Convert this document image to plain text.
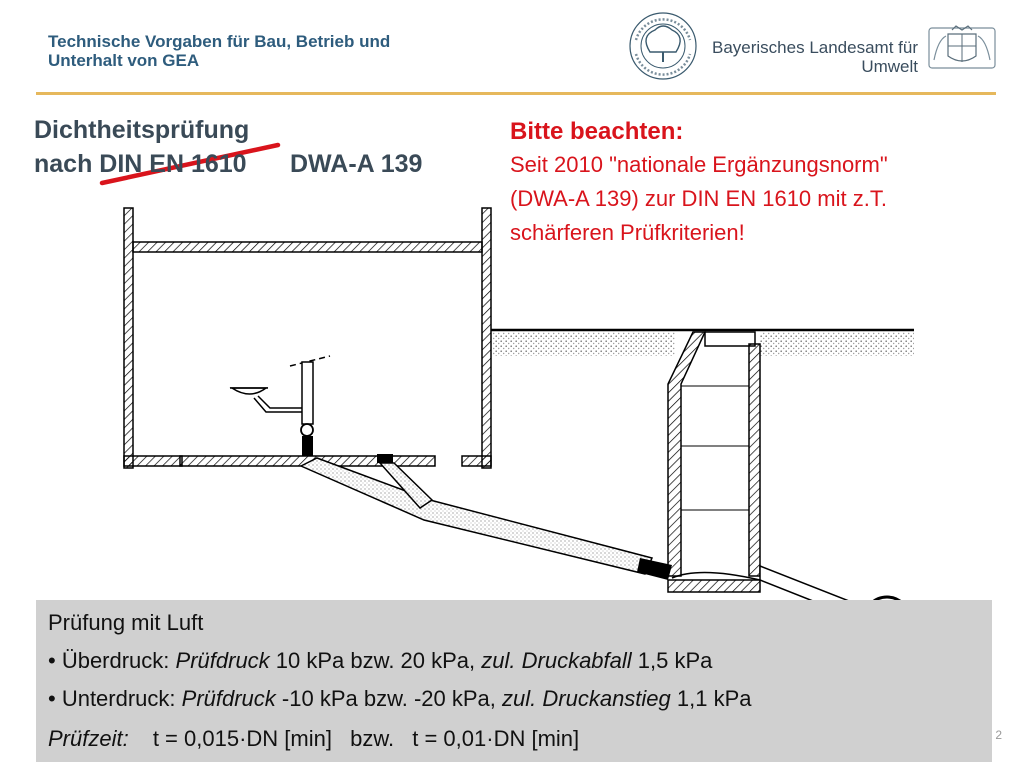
Technische Vorgaben für Bau, Betrieb und
Unterhalt von GEA
Bayerisches Landesamt für
Umwelt
Dichtheitsprüfung
nach DIN EN 1610 DWA-A 139
Bitte beachten:
Seit 2010 "nationale Ergänzungsnorm"
(DWA-A 139) zur DIN EN 1610 mit z.T.
schärferen Prüfkriterien!
Prüfung mit Luft
• Überdruck: Prüfdruck 10 kPa bzw. 20 kPa, zul. Druckabfall 1,5 kPa
• Unterdruck: Prüfdruck -10 kPa bzw. -20 kPa, zul. Druckanstieg 1,1 kPa
Prüfzeit: t = 0,015·DN [min] bzw. t = 0,01·DN [min]	2
